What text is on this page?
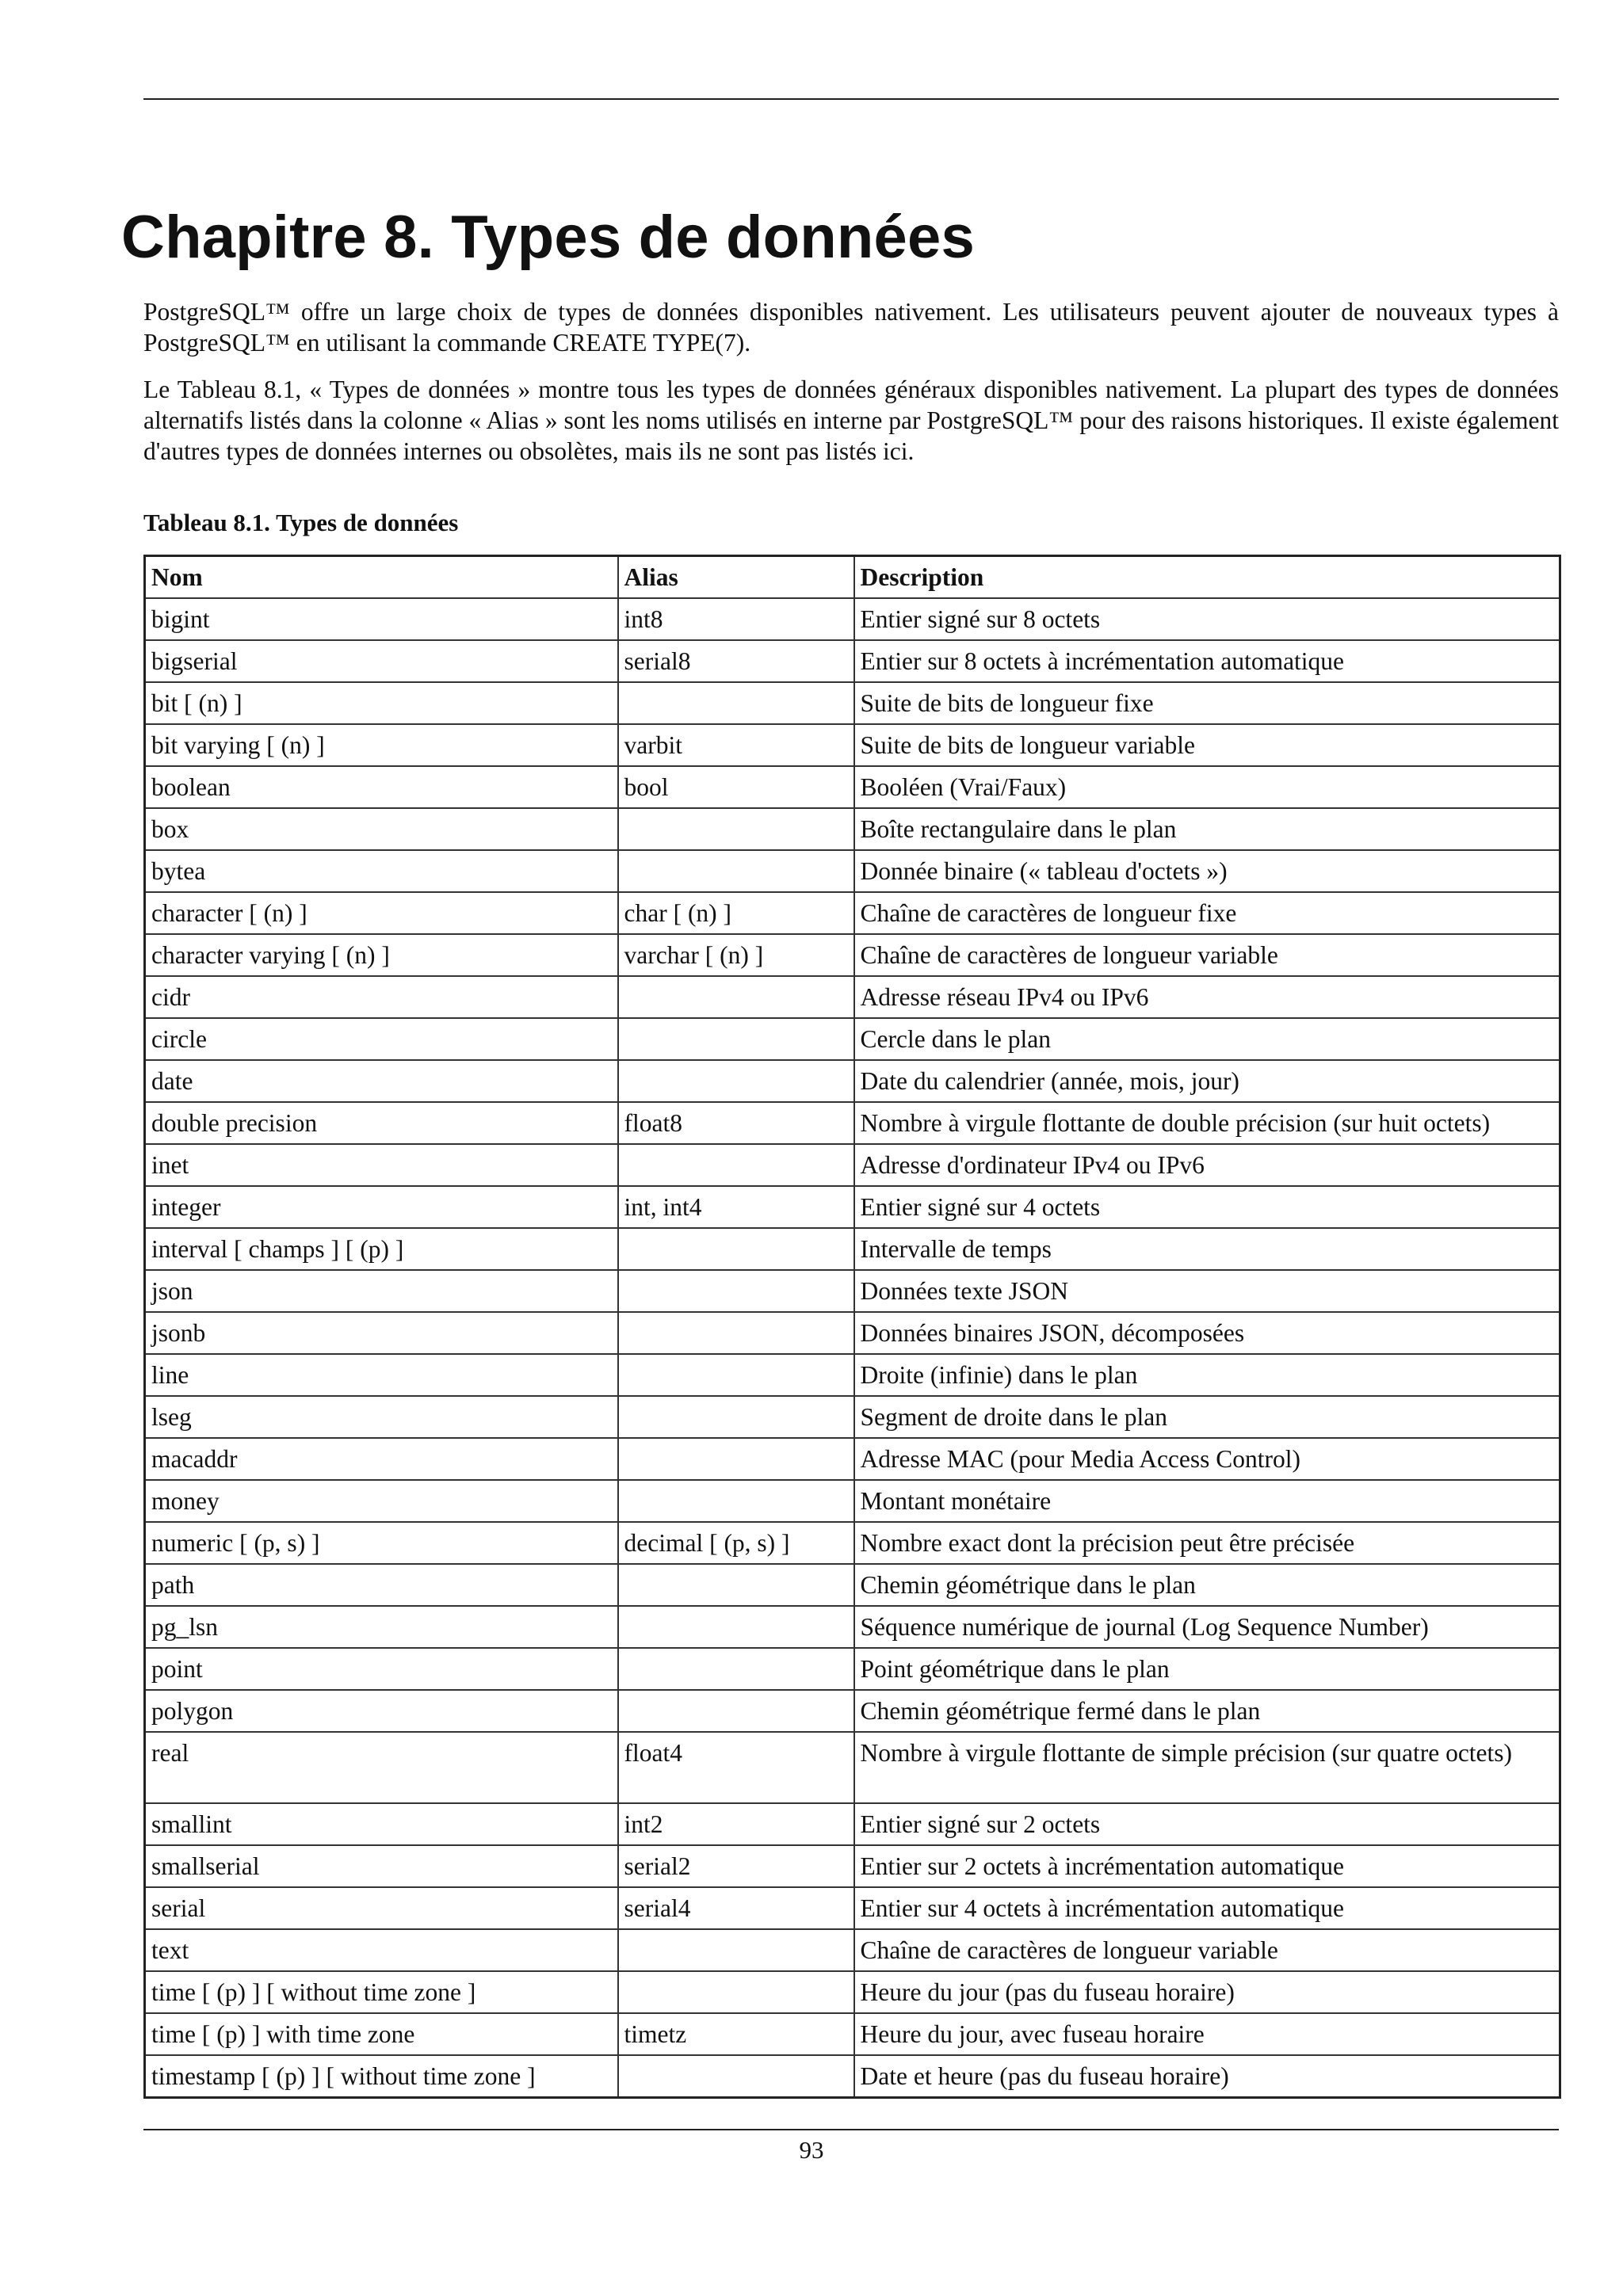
Chapitre 8. Types de données

PostgreSQL™ offre un large choix de types de données disponibles nativement. Les utilisateurs peuvent ajouter de nouveaux types à PostgreSQL™ en utilisant la commande CREATE TYPE(7).

Le Tableau 8.1, « Types de données » montre tous les types de données généraux disponibles nativement. La plupart des types de données alternatifs listés dans la colonne « Alias » sont les noms utilisés en interne par PostgreSQL™ pour des raisons historiques. Il existe également d'autres types de données internes ou obsolètes, mais ils ne sont pas listés ici.

Tableau 8.1. Types de données

Nom	Alias	Description
bigint	int8	Entier signé sur 8 octets
bigserial	serial8	Entier sur 8 octets à incrémentation automatique
bit [ (n) ]		Suite de bits de longueur fixe
bit varying [ (n) ]	varbit	Suite de bits de longueur variable
boolean	bool	Booléen (Vrai/Faux)
box		Boîte rectangulaire dans le plan
bytea		Donnée binaire (« tableau d'octets »)
character [ (n) ]	char [ (n) ]	Chaîne de caractères de longueur fixe
character varying [ (n) ]	varchar [ (n) ]	Chaîne de caractères de longueur variable
cidr		Adresse réseau IPv4 ou IPv6
circle		Cercle dans le plan
date		Date du calendrier (année, mois, jour)
double precision	float8	Nombre à virgule flottante de double précision (sur huit octets)
inet		Adresse d'ordinateur IPv4 ou IPv6
integer	int, int4	Entier signé sur 4 octets
interval [ champs ] [ (p) ]		Intervalle de temps
json		Données texte JSON
jsonb		Données binaires JSON, décomposées
line		Droite (infinie) dans le plan
lseg		Segment de droite dans le plan
macaddr		Adresse MAC (pour Media Access Control)
money		Montant monétaire
numeric [ (p, s) ]	decimal [ (p, s) ]	Nombre exact dont la précision peut être précisée
path		Chemin géométrique dans le plan
pg_lsn		Séquence numérique de journal (Log Sequence Number)
point		Point géométrique dans le plan
polygon		Chemin géométrique fermé dans le plan
real	float4	Nombre à virgule flottante de simple précision (sur quatre octets)
smallint	int2	Entier signé sur 2 octets
smallserial	serial2	Entier sur 2 octets à incrémentation automatique
serial	serial4	Entier sur 4 octets à incrémentation automatique
text		Chaîne de caractères de longueur variable
time [ (p) ] [ without time zone ]		Heure du jour (pas du fuseau horaire)
time [ (p) ] with time zone	timetz	Heure du jour, avec fuseau horaire
timestamp [ (p) ] [ without time zone ]		Date et heure (pas du fuseau horaire)

93
